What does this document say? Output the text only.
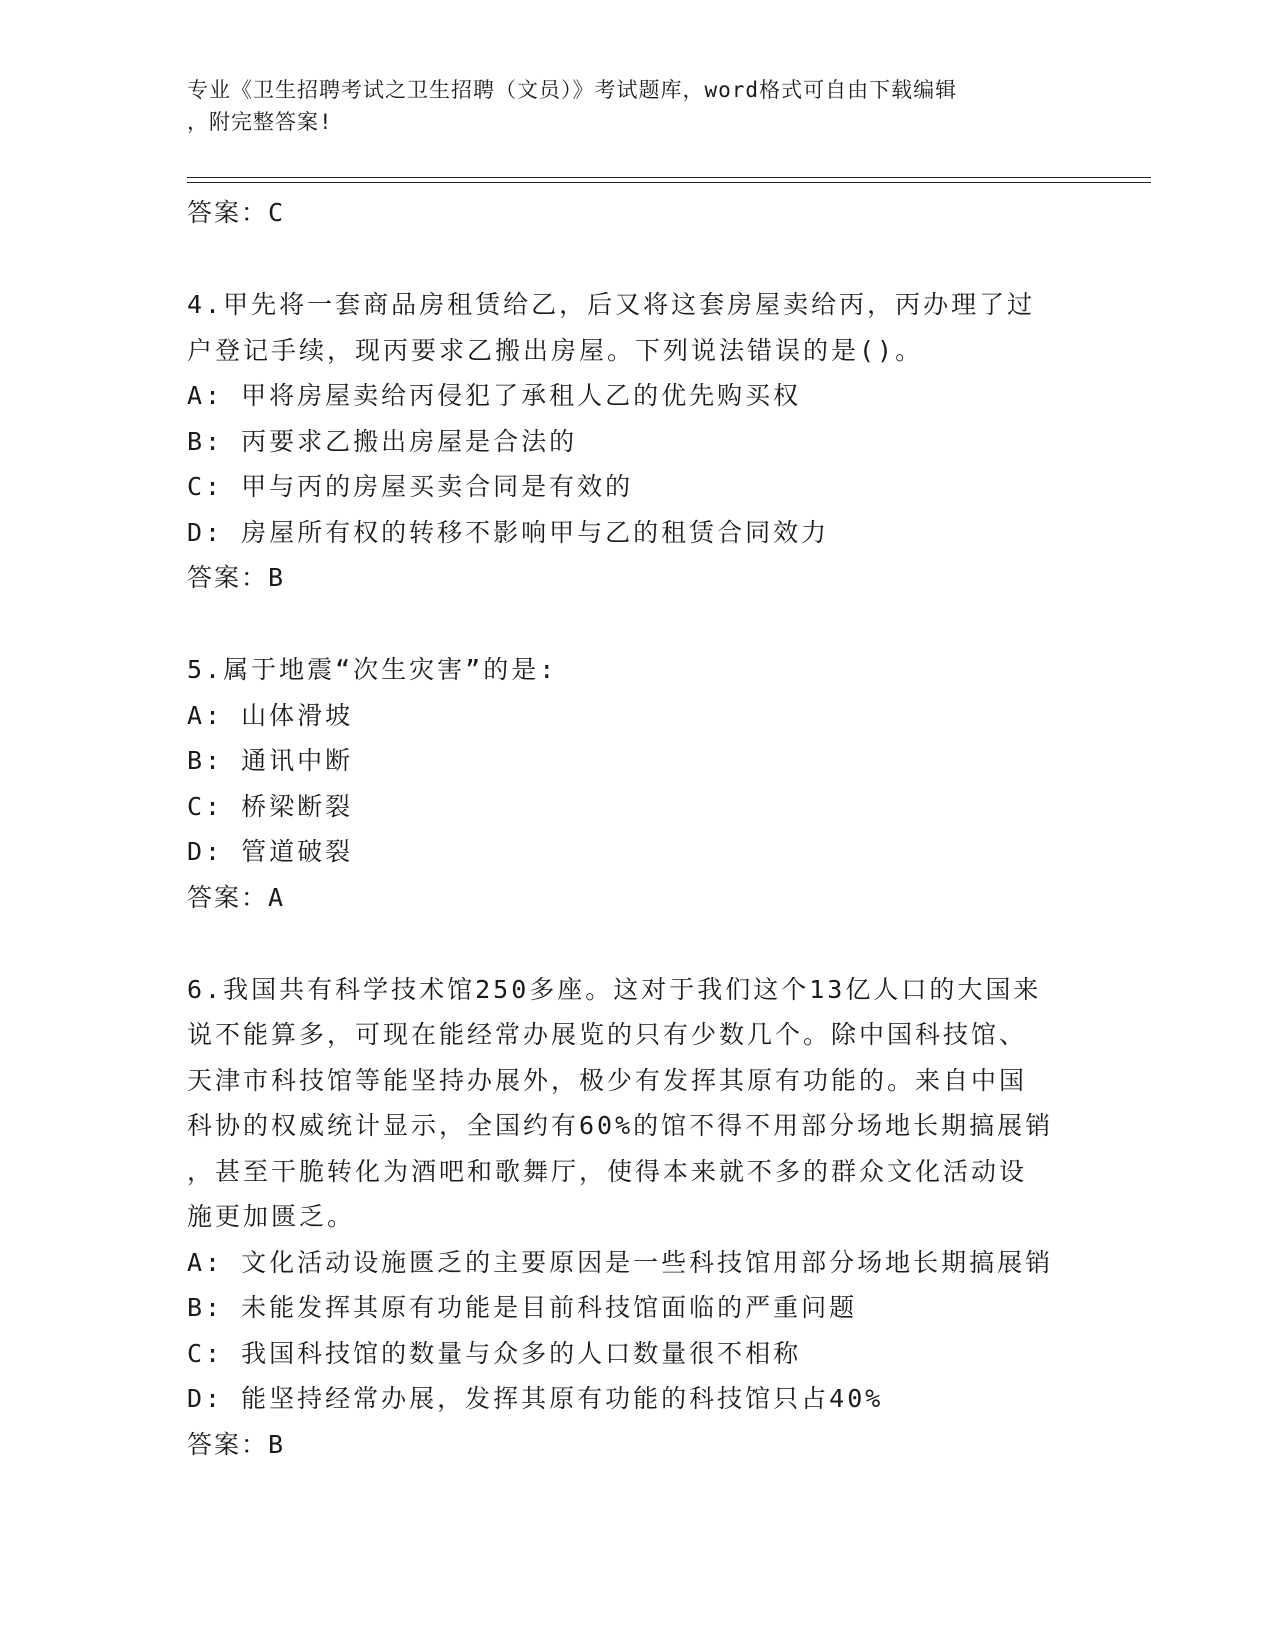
专业《卫生招聘考试之卫生招聘（文员）》考试题库，word格式可自由下载编辑
，附完整答案!
答案：C
4.甲先将一套商品房租赁给乙，后又将这套房屋卖给丙，丙办理了过
户登记手续，现丙要求乙搬出房屋。下列说法错误的是()。
A: 甲将房屋卖给丙侵犯了承租人乙的优先购买权
B: 丙要求乙搬出房屋是合法的
C: 甲与丙的房屋买卖合同是有效的
D: 房屋所有权的转移不影响甲与乙的租赁合同效力
答案：B
5.属于地震“次生灾害”的是:
A: 山体滑坡
B: 通讯中断
C: 桥梁断裂
D: 管道破裂
答案：A
6.我国共有科学技术馆250多座。这对于我们这个13亿人口的大国来
说不能算多，可现在能经常办展览的只有少数几个。除中国科技馆、
天津市科技馆等能坚持办展外，极少有发挥其原有功能的。来自中国
科协的权威统计显示，全国约有60%的馆不得不用部分场地长期搞展销
，甚至干脆转化为酒吧和歌舞厅，使得本来就不多的群众文化活动设
施更加匮乏。
A: 文化活动设施匮乏的主要原因是一些科技馆用部分场地长期搞展销
B: 未能发挥其原有功能是目前科技馆面临的严重问题
C: 我国科技馆的数量与众多的人口数量很不相称
D: 能坚持经常办展，发挥其原有功能的科技馆只占40%
答案：B
